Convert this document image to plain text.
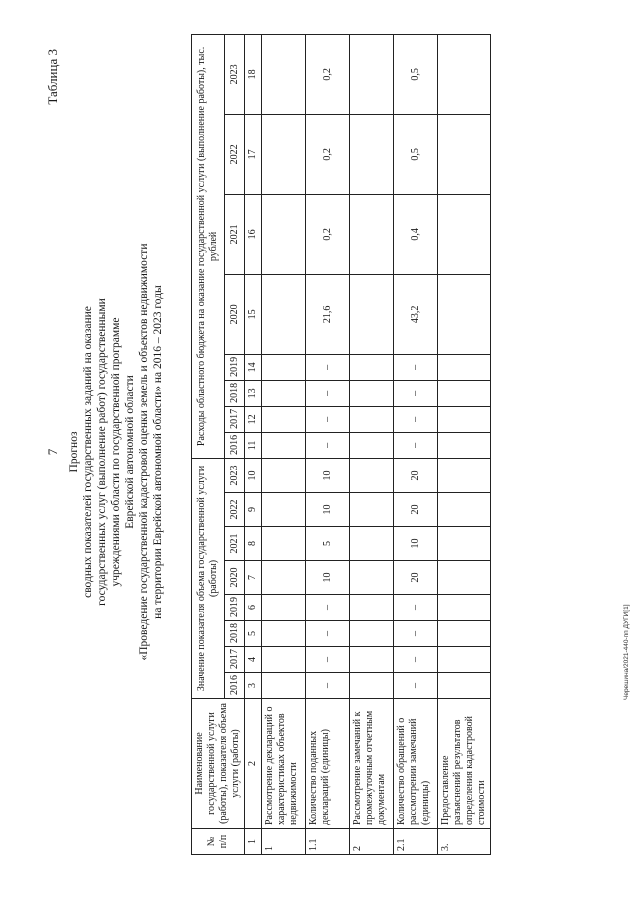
7
Таблица 3
Прогноз сводных показателей государственных заданий на оказание государственных услуг (выполнение работ) государственными учреждениями области по государственной программе Еврейской автономной области «Проведение государственной кадастровой оценки земель и объектов недвижимости на территории Еврейской автономной области» на 2016 – 2023 годы
№ п/п	Наименование государственной услуги (работы), показателя объема услуги (работы)	Значение показателя объема государственной услуги (работы)								Расходы областного бюджета на оказание государственной услуги (выполнение работы), тыс. рублей							
		2016	2017	2018	2019	2020	2021	2022	2023	2016	2017	2018	2019	2020	2021	2022	2023
1	2	3	4	5	6	7	8	9	10	11	12	13	14	15	16	17	18
1	Рассмотрение деклараций о характеристиках объектов недвижимости																
1.1	Количество поданных деклараций (единицы)	–	–	–	–	10	5	10	10	–	–	–	–	21,6	0,2	0,2	0,2
2	Рассмотрение замечаний к промежуточным отчетным документам																
2.1	Количество обращений о рассмотрении замечаний (единицы)	–	–	–	–	20	10	20	20	–	–	–	–	43,2	0,4	0,5	0,5
3.	Предоставление разъяснений результатов определения кадастровой стоимости																
Черешина/2021-440-пп ДУГИ[1]
